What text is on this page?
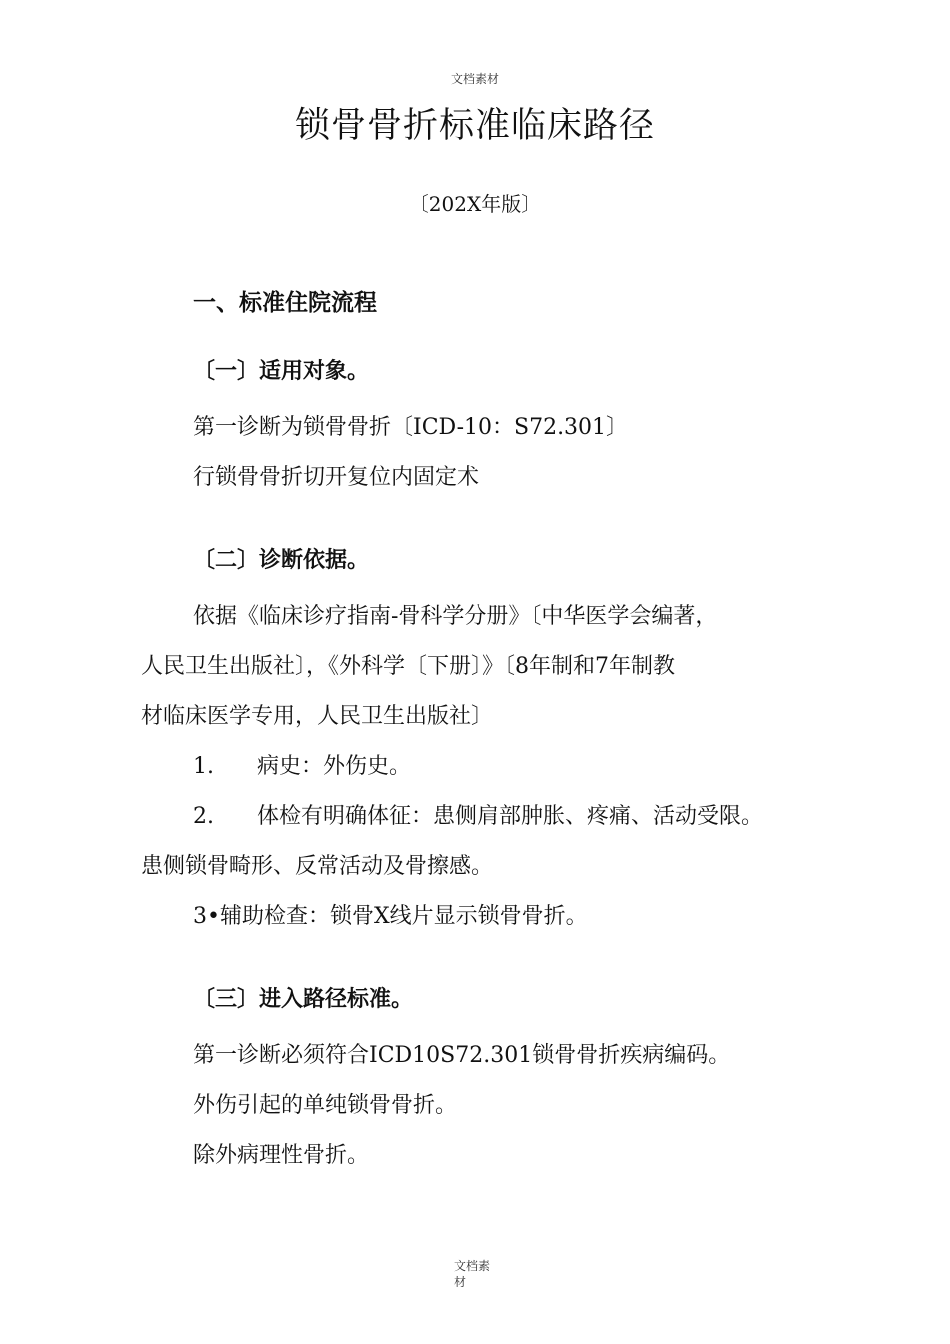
文档素材
锁骨骨折标准临床路径
〔202X年版〕
一、标准住院流程
〔一〕适用对象。
第一诊断为锁骨骨折〔ICD-10：S72.301〕
行锁骨骨折切开复位内固定术
〔二〕诊断依据。
依据《临床诊疗指南-骨科学分册》〔中华医学会编著，
人民卫生出版社〕，《外科学〔下册〕》〔8年制和7年制教
材临床医学专用，人民卫生出版社〕
1. 病史：外伤史。
2. 体检有明确体征：患侧肩部肿胀、疼痛、活动受限。
患侧锁骨畸形、反常活动及骨擦感。
3•辅助检查：锁骨X线片显示锁骨骨折。
〔三〕进入路径标准。
第一诊断必须符合ICD10S72.301锁骨骨折疾病编码。
外伤引起的单纯锁骨骨折。
除外病理性骨折。
文档素材
